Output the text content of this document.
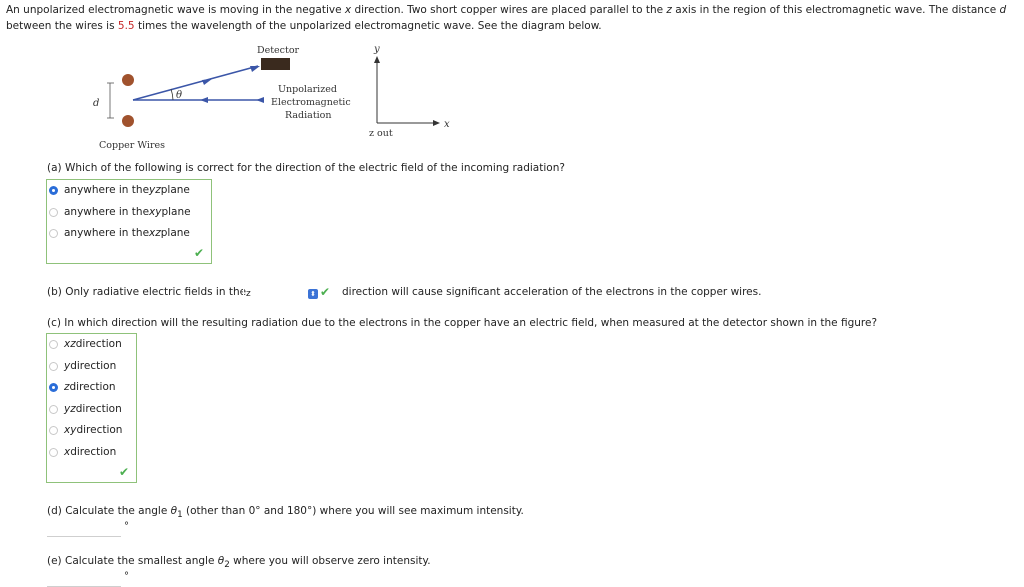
An unpolarized electromagnetic wave is moving in the negative x direction. Two short copper wires are placed parallel to the z axis in the region of this electromagnetic wave. The distance d between the wires is 5.5 times the wavelength of the unpolarized electromagnetic wave. See the diagram below.
d
θ
Detector
Unpolarized
Electromagnetic
Radiation
Copper Wires
y
x
z out
(a) Which of the following is correct for the direction of the electric field of the incoming radiation?
anywhere in the yz plane
anywhere in the xy plane
anywhere in the xz plane
✔
(b) Only radiative electric fields in the z	⬍ ✔ direction will cause significant acceleration of the electrons in the copper wires.
(c) In which direction will the resulting radiation due to the electrons in the copper have an electric field, when measured at the detector shown in the figure?
xz direction
y direction
z direction
yz direction
xy direction
x direction
✔
(d) Calculate the angle $\theta_1$ (other than 0° and 180°) where you will see maximum intensity.
°
(e) Calculate the smallest angle $\theta_2$ where you will observe zero intensity.
°
